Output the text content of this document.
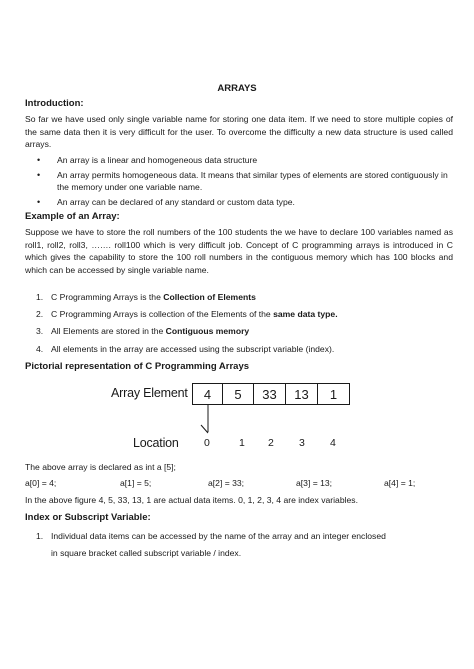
ARRAYS
Introduction:
So far we have used only single variable name for storing one data item. If we need to store multiple copies of the same data then it is very difficult for the user. To overcome the difficulty a new data structure is used called arrays.
• An array is a linear and homogeneous data structure
• An array permits homogeneous data. It means that similar types of elements are stored contiguously in the memory under one variable name.
• An array can be declared of any standard or custom data type.
Example of an Array:
Suppose we have to store the roll numbers of the 100 students the we have to declare 100 variables named as roll1, roll2, roll3, ……. roll100 which is very difficult job. Concept of C programming arrays is introduced in C which gives the capability to store the 100 roll numbers in the contiguous memory which has 100 blocks and which can be accessed by single variable name.
1. C Programming Arrays is the Collection of Elements
2. C Programming Arrays is collection of the Elements of the same data type.
3. All Elements are stored in the Contiguous memory
4. All elements in the array are accessed using the subscript variable (index).
Pictorial representation of C Programming Arrays
Array Element	4	5	33	13	1
Location 0	1 2 3 4
The above array is declared as int a [5];
a[0] = 4;	a[1] = 5;	a[2] = 33;	a[3] = 13;	a[4] = 1;
In the above figure 4, 5, 33, 13, 1 are actual data items. 0, 1, 2, 3, 4 are index variables.
Index or Subscript Variable:
1. Individual data items can be accessed by the name of the array and an integer enclosed
in square bracket called subscript variable / index.
